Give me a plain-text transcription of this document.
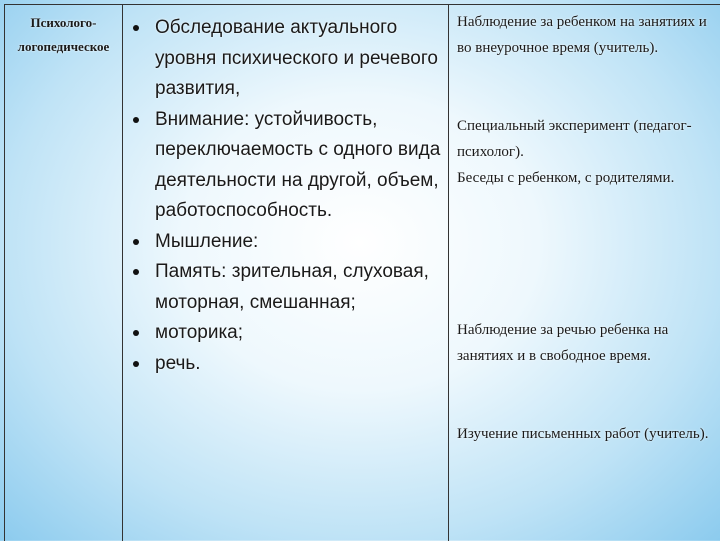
Психолого-логопедическое
Обследование актуального уровня психического и речевого развития,
Внимание: устойчивость, переключаемость с одного вида деятельности на другой, объем, работоспособность.
Мышление:
Память: зрительная, слуховая, моторная, смешанная;
моторика;
речь.
Наблюдение за ребенком на занятиях и во внеурочное время (учитель).
Специальный эксперимент (педагог-психолог).
Беседы с ребенком, с родителями.
Наблюдение за речью ребенка на занятиях и в свободное время.
Изучение письменных работ (учитель).
